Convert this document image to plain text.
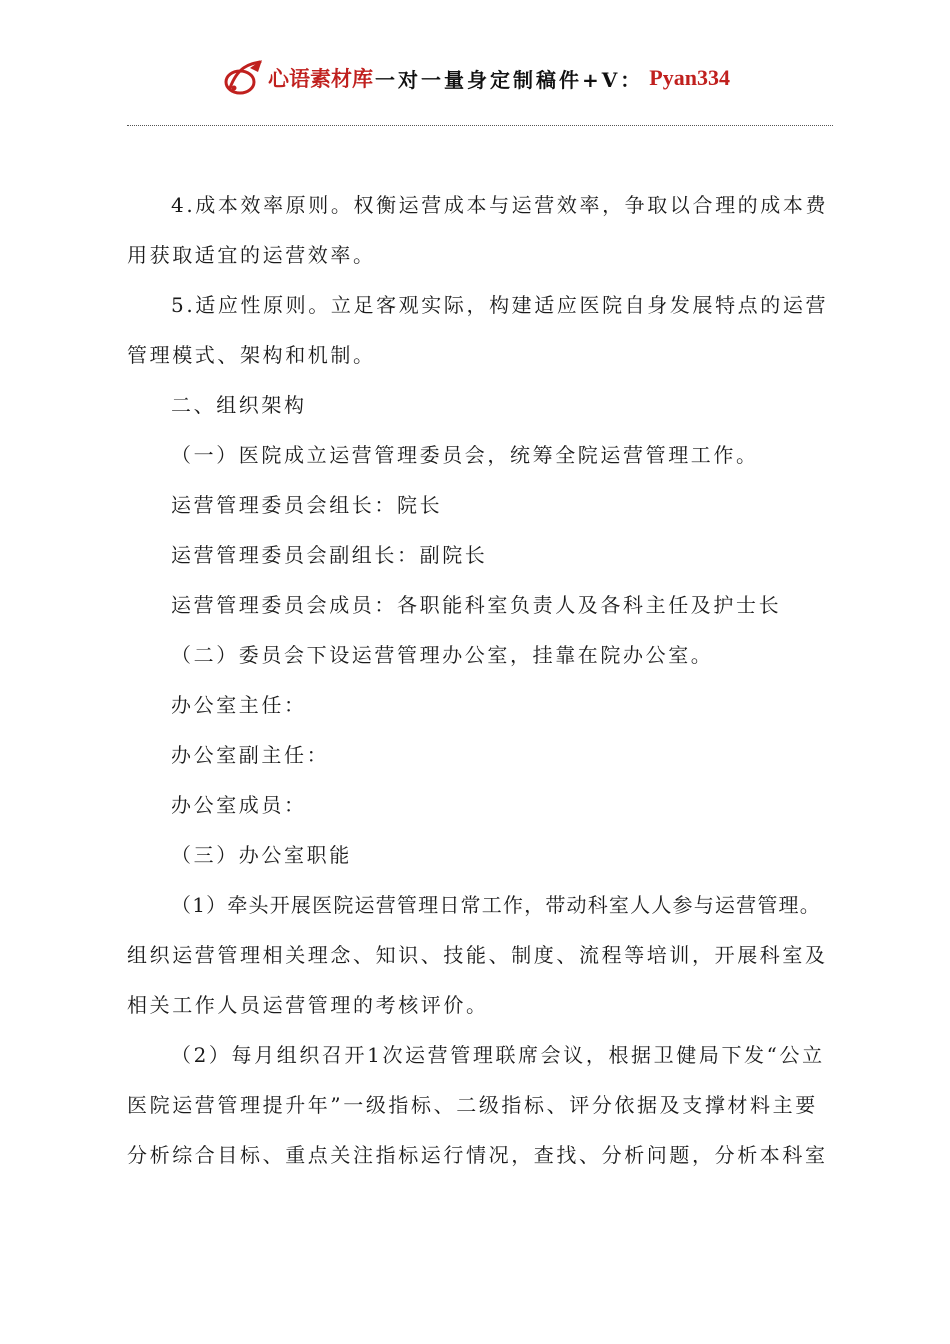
心语素材库 一对一量身定制稿件+V： Pyan334
4.成本效率原则。权衡运营成本与运营效率，争取以合理的成本费
用获取适宜的运营效率。
5.适应性原则。立足客观实际，构建适应医院自身发展特点的运营
管理模式、架构和机制。
二、组织架构
（一）医院成立运营管理委员会，统筹全院运营管理工作。
运营管理委员会组长：院长
运营管理委员会副组长：副院长
运营管理委员会成员：各职能科室负责人及各科主任及护士长
（二）委员会下设运营管理办公室，挂靠在院办公室。
办公室主任：
办公室副主任：
办公室成员：
（三）办公室职能
（1）牵头开展医院运营管理日常工作，带动科室人人参与运营管理。
组织运营管理相关理念、知识、技能、制度、流程等培训，开展科室及
相关工作人员运营管理的考核评价。
（2）每月组织召开1次运营管理联席会议，根据卫健局下发“公立
医院运营管理提升年”一级指标、二级指标、评分依据及支撑材料主要
分析综合目标、重点关注指标运行情况，查找、分析问题，分析本科室
